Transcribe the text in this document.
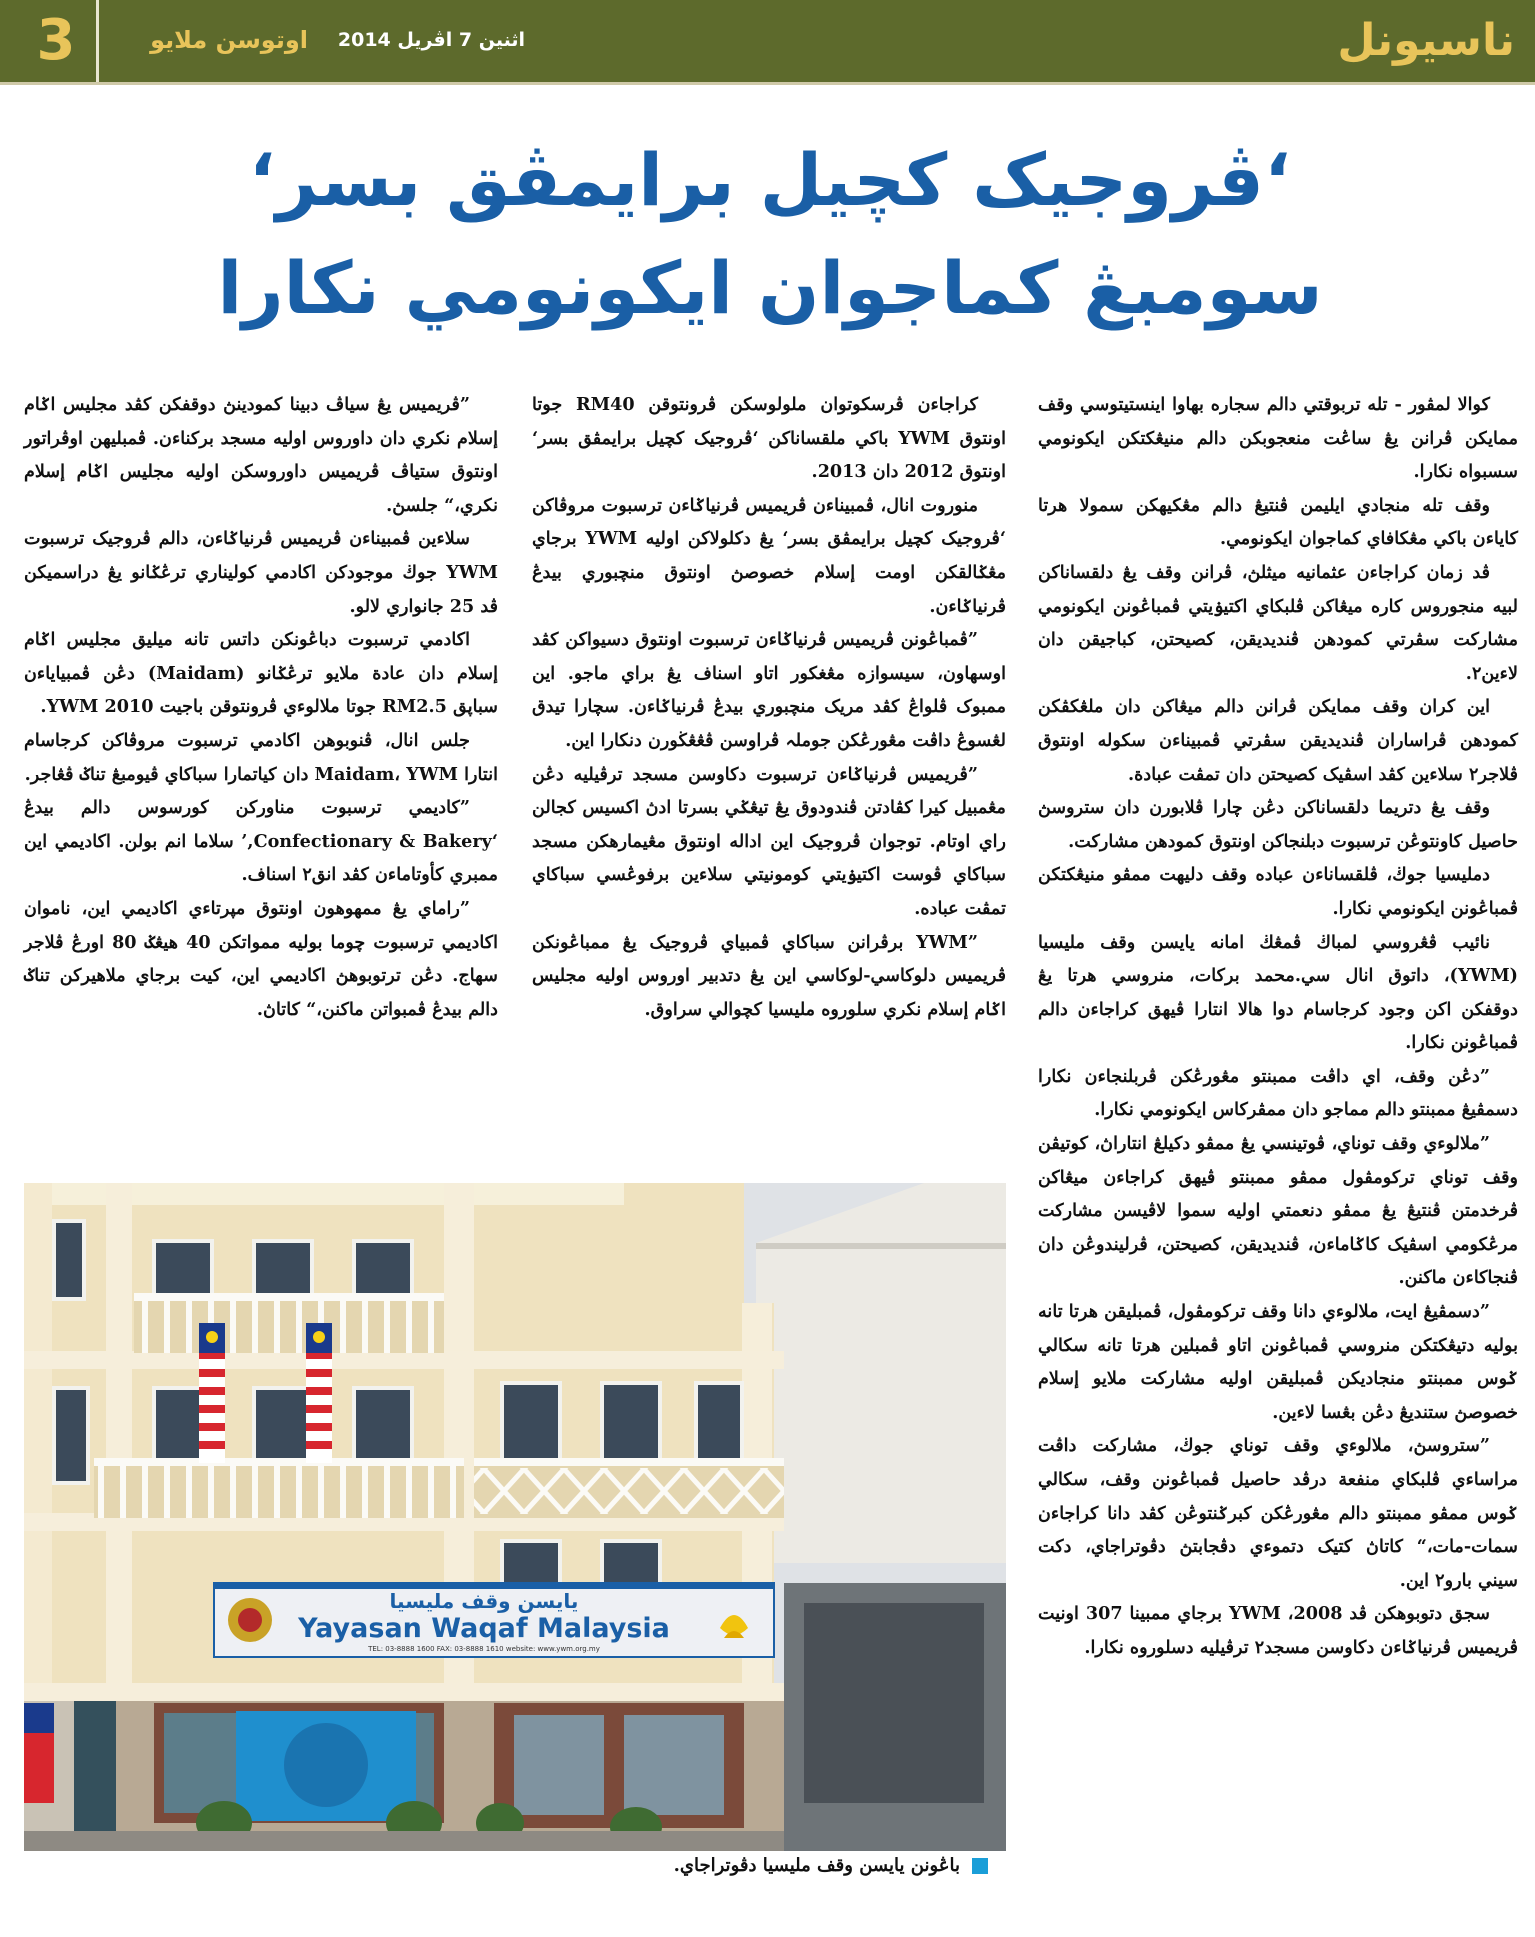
3	اوتوسن ملايو	اثنين 7 اڤريل 2014	ناسيونل
‘ڤروجيک کچيل برايمڤق بسر‘
سومبڠ کماجوان ايکونومي نکارا

کوالا لمڤور - تله تربوقتي دالم سجاره بهاوا اينستيتوسي وقف ممايکن ڤرانن يڠ ساڠت منعجوبکن دالم منيڠکتکن ايکونومي سسبواه نکارا.

وقف تله منجادي ايليمن ڤنتيڠ دالم مڠکيهکن سمولا هرتا کاياءن باکي مڠکافاي کماجوان ايکونومي.

ڤد زمان کراجاءن عثمانيه ميثلڽ، ڤرانن وقف يڠ دلقساناکن لبيه منجوروس کاره ميڠاکن ڤلبکاي اکتيۏيتي ڤمباڠونن ايکونومي مشارکت سڤرتي کمودهن ڤنديديقن، کصيحتن، کباجيقن دان لاءين٢.

اين کران وقف ممايکن ڤرانن دالم ميڠاکن دان ملڠکڤکن کمودهن ڤراساران ڤنديديقن سڤرتي ڤمبيناءن سکوله اونتوق ڤلاجر٢ سلاءين کڤد اسڤيک کصيحتن دان تمڤت عبادة.

وقف يڠ دتريما دلقساناکن دڠن چارا ڤلابورن دان ستروسڽ حاصيل کاونتوڠن ترسبوت دبلنجاکن اونتوق کمودهن مشارکت.

دمليسيا جوڬ، ڤلقساناءن عباده وقف دليهت ممڤو منيڠکتکن ڤمباڠونن ايکونومي نکارا.

نائيب ڤڠروسي لمباڬ ڤمڠڬ امانه يايسن وقف مليسيا (YWM)، داتوق انال سي.محمد برکات، منروسي هرتا يڠ دوقفکن اکن وجود کرجاسام دوا هالا انتارا ڤيهق کراجاءن دالم ڤمباڠونن نکارا.

”دڠن وقف، اي داڤت ممبنتو مڠورڠکن ڤربلنجاءن نکارا دسمڤيڠ ممبنتو دالم مماجو دان ممڤرکاس ايکونومي نکارا.

”ملالوءي وقف توناي، ڤوتينسي يڠ ممڤو دکيلڠ انتاراڽ، کوتيڤن وقف توناي ترکومڤول ممڤو ممبنتو ڤيهق کراجاءن ميڠاکن ڤرخدمتن ڤنتيڠ يڠ ممڤو دنعمتي اوليه سموا لاڤيسن مشارکت مرڠکومي اسڤيک کاݢاماءن، ڤنديديقن، کصيحتن، ڤرليندوڠن دان ڤنجاکاءن ماکنن.

”دسمڤيڠ ايت، ملالوءي دانا وقف ترکومڤول، ڤمبليقن هرتا تانه بوليه دتيڠکتکن منروسي ڤمباڠونن اتاو ڤمبلين هرتا تانه سکالي ݢوس ممبنتو منجاديکن ڤمبليقن اوليه مشارکت ملايو إسلام خصوصڽ ستنديڠ دڠن بڠسا لاءين.

”ستروسڽ، ملالوءي وقف توناي جوڬ، مشارکت داڤت مراساءي ڤلبکاي منفعة درڤد حاصيل ڤمباڠونن وقف، سکالي ݢوس ممڤو ممبنتو دالم مڠورڠکن کبرݢنتوڠن کڤد دانا کراجاءن سمات-مات،“ کاتاڽ کتيک دتموءي دڤجابتڽ دڤوتراجاي، دکت سيني بارو٢ اين.

سجق دتوبوهکن ڤد 2008، YWM برجاي ممبينا 307 اونيت ڤريميس ڤرنياݢاءن دکاوسن مسجد٢ ترڤيليه دسلوروه نکارا.

کراجاءن ڤرسکوتوان ملولوسکن ڤرونتوقن RM40 جوتا اونتوق YWM باکي ملقساناکن ‘ڤروجيک کچيل برايمڤق بسر‘ اونتوق 2012 دان 2013.

منوروت انال، ڤمبيناءن ڤريميس ڤرنياݢاءن ترسبوت مروڤاکن ‘ڤروجيک کچيل برايمڤق بسر‘ يڠ دکلولاکن اوليه YWM برجاي مڠݢالقکن اومت إسلام خصوصڽ اونتوق منچبوري بيدڠ ڤرنياݢاءن.

”ڤمباڠونن ڤريميس ڤرنياݢاءن ترسبوت اونتوق دسيواکن کڤد اوسهاون، سيسوازه مڠغکور اتاو اسناف يڠ براي ماجو. اين ممبوک ڤلواڠ کڤد مريک منچبوري بيدڠ ڤرنياݢاءن. سچارا تيدق لڠسوڠ داڤت مڠورڠکن جوملہ ڤراوسن ڤڠڠڬورن دنکارا اين.

”ڤريميس ڤرنياݢاءن ترسبوت دکاوسن مسجد ترڤيليه دڠن مڠمبيل کيرا کڤادتن ڤندودوق يڠ تيڠݢي بسرتا ادڽ اکسيس کجالن راي اوتام. توجوان ڤروجيک اين اداله اونتوق مڠيمارهکن مسجد سباکاي ڤوست اکتيۏيتي کومونيتي سلاءين برفوڠسي سباکاي تمڤت عباده.

”YWM برڤرانن سباکاي ڤمبياي ڤروجيک يڠ ممباڠونکن ڤريميس دلوکاسي-لوکاسي اين يڠ دتدبير اوروس اوليه مجليس اݢام إسلام نکري سلوروه مليسيا کچوالي سراوق.

”ڤريميس يڠ سياڤ دبينا کمودينڽ دوقفکن کڤد مجليس اݢام إسلام نکري دان داوروس اوليه مسجد برکناءن. ڤمبليهن اوڤراتور اونتوق ستياڤ ڤريميس داوروسکن اوليه مجليس اݢام إسلام نکري،“ جلسڽ.

سلاءين ڤمبيناءن ڤريميس ڤرنياݢاءن، دالم ڤروجيک ترسبوت YWM جوڬ موجودکن اکادمي کوليناري ترڠݢانو يڠ دراسميکن ڤد 25 جانواري لالو.

اکادمي ترسبوت دباڠونکن داتس تانه ميليق مجليس اݢام إسلام دان عادة ملايو ترڠݢانو (Maidam) دڠن ڤمبياياءن سباڽق RM2.5 جوتا ملالوءي ڤرونتوقن باجيت 2010 YWM.

جلس انال، ڤنوبوهن اکادمي ترسبوت مروڤاکن کرجاسام انتارا Maidam، YWM دان کياتمارا سباکاي ڤيومبڠ تناݢ ڤڠاجر.

”کاديمي ترسبوت مناورکن کورسوس دالم بيدڠ ‘Confectionary & Bakery,’ سلاما انم بولن. اکاديمي اين ممبري کأوتاماءن کڤد انق٢ اسناف.

”راماي يڠ ممهوهون اونتوق مڽرتاءي اکاديمي اين، ناموان اکاديمي ترسبوت چوما بوليه ممواتکن 40 هيڠݢ 80 اورڠ ڤلاجر سهاج. دڠن ترتوبوهڽ اکاديمي اين، کيت برجاي ملاهيرکن تناݢ دالم بيدڠ ڤمبواتن ماکنن،“ کاتاڽ.

يايسن وقف مليسيا
Yayasan Waqaf Malaysia
TEL: 03-8888 1600 FAX: 03-8888 1610 website: www.ywm.org.my
باڠونن يايسن وقف مليسيا دڤوتراجاي.
